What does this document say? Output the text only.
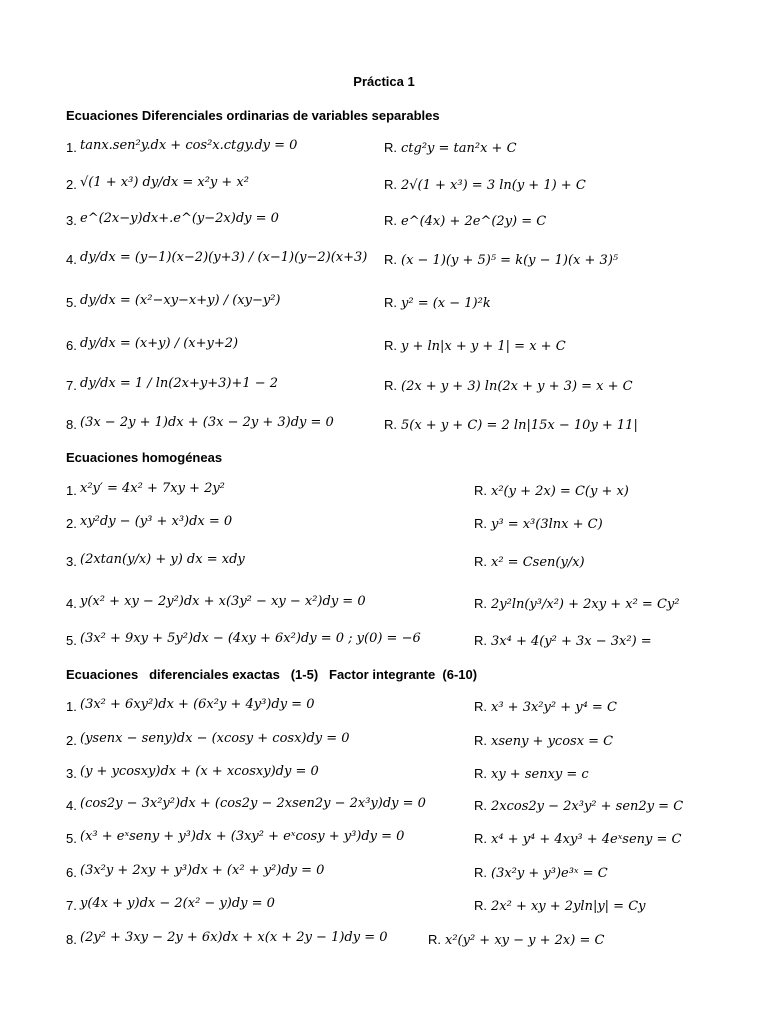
Práctica 1
Ecuaciones Diferenciales ordinarias de variables separables
1. tanx.sen²y.dx + cos²x.ctgy.dy = 0	R. ctg²y = tan²x + C
2. √(1 + x³) dy/dx = x²y + x²	R. 2√(1 + x³) = 3 ln(y + 1) + C
3. e^(2x−y)dx+.e^(y−2x)dy = 0	R. e^(4x) + 2e^(2y) = C
4. dy/dx = (y−1)(x−2)(y+3) / (x−1)(y−2)(x+3) R. (x − 1)(y + 5)⁵ = k(y − 1)(x + 3)⁵
5. dy/dx = (x²−xy−x+y) / (xy−y²)	R. y² = (x − 1)²k
6. dy/dx = (x+y) / (x+y+2)	R. y + ln|x + y + 1| = x + C
7. dy/dx = 1 / ln(2x+y+3)+1 − 2	R. (2x + y + 3) ln(2x + y + 3) = x + C
8. (3x − 2y + 1)dx + (3x − 2y + 3)dy = 0	R. 5(x + y + C) = 2 ln|15x − 10y + 11|
Ecuaciones homogéneas
1. x²y′ = 4x² + 7xy + 2y²	R. x²(y + 2x) = C(y + x)
2. xy²dy − (y³ + x³)dx = 0	R. y³ = x³(3lnx + C)
3. (2xtan(y/x) + y) dx = xdy	R. x² = Csen(y/x)
4. y(x² + xy − 2y²)dx + x(3y² − xy − x²)dy = 0	R. 2y²ln(y³/x²) + 2xy + x² = Cy²
5. (3x² + 9xy + 5y²)dx − (4xy + 6x²)dy = 0 ; y(0) = −6	R. 3x⁴ + 4(y² + 3x − 3x²) =
Ecuaciones   diferenciales exactas   (1-5)   Factor integrante  (6-10)
1. (3x² + 6xy²)dx + (6x²y + 4y³)dy = 0	R. x³ + 3x²y² + y⁴ = C
2. (ysenx − seny)dx − (xcosy + cosx)dy = 0	R. xseny + ycosx = C
3. (y + ycosxy)dx + (x + xcosxy)dy = 0	R. xy + senxy = c
4. (cos2y − 3x²y²)dx + (cos2y − 2xsen2y − 2x³y)dy = 0	R. 2xcos2y − 2x³y² + sen2y = C
5. (x³ + eˣseny + y³)dx + (3xy² + eˣcosy + y³)dy = 0	R. x⁴ + y⁴ + 4xy³ + 4eˣseny = C
6. (3x²y + 2xy + y³)dx + (x² + y²)dy = 0	R. (3x²y + y³)e³ˣ = C
7. y(4x + y)dx − 2(x² − y)dy = 0	R. 2x² + xy + 2yln|y| = Cy
8. (2y² + 3xy − 2y + 6x)dx + x(x + 2y − 1)dy = 0	R. x²(y² + xy − y + 2x) = C
